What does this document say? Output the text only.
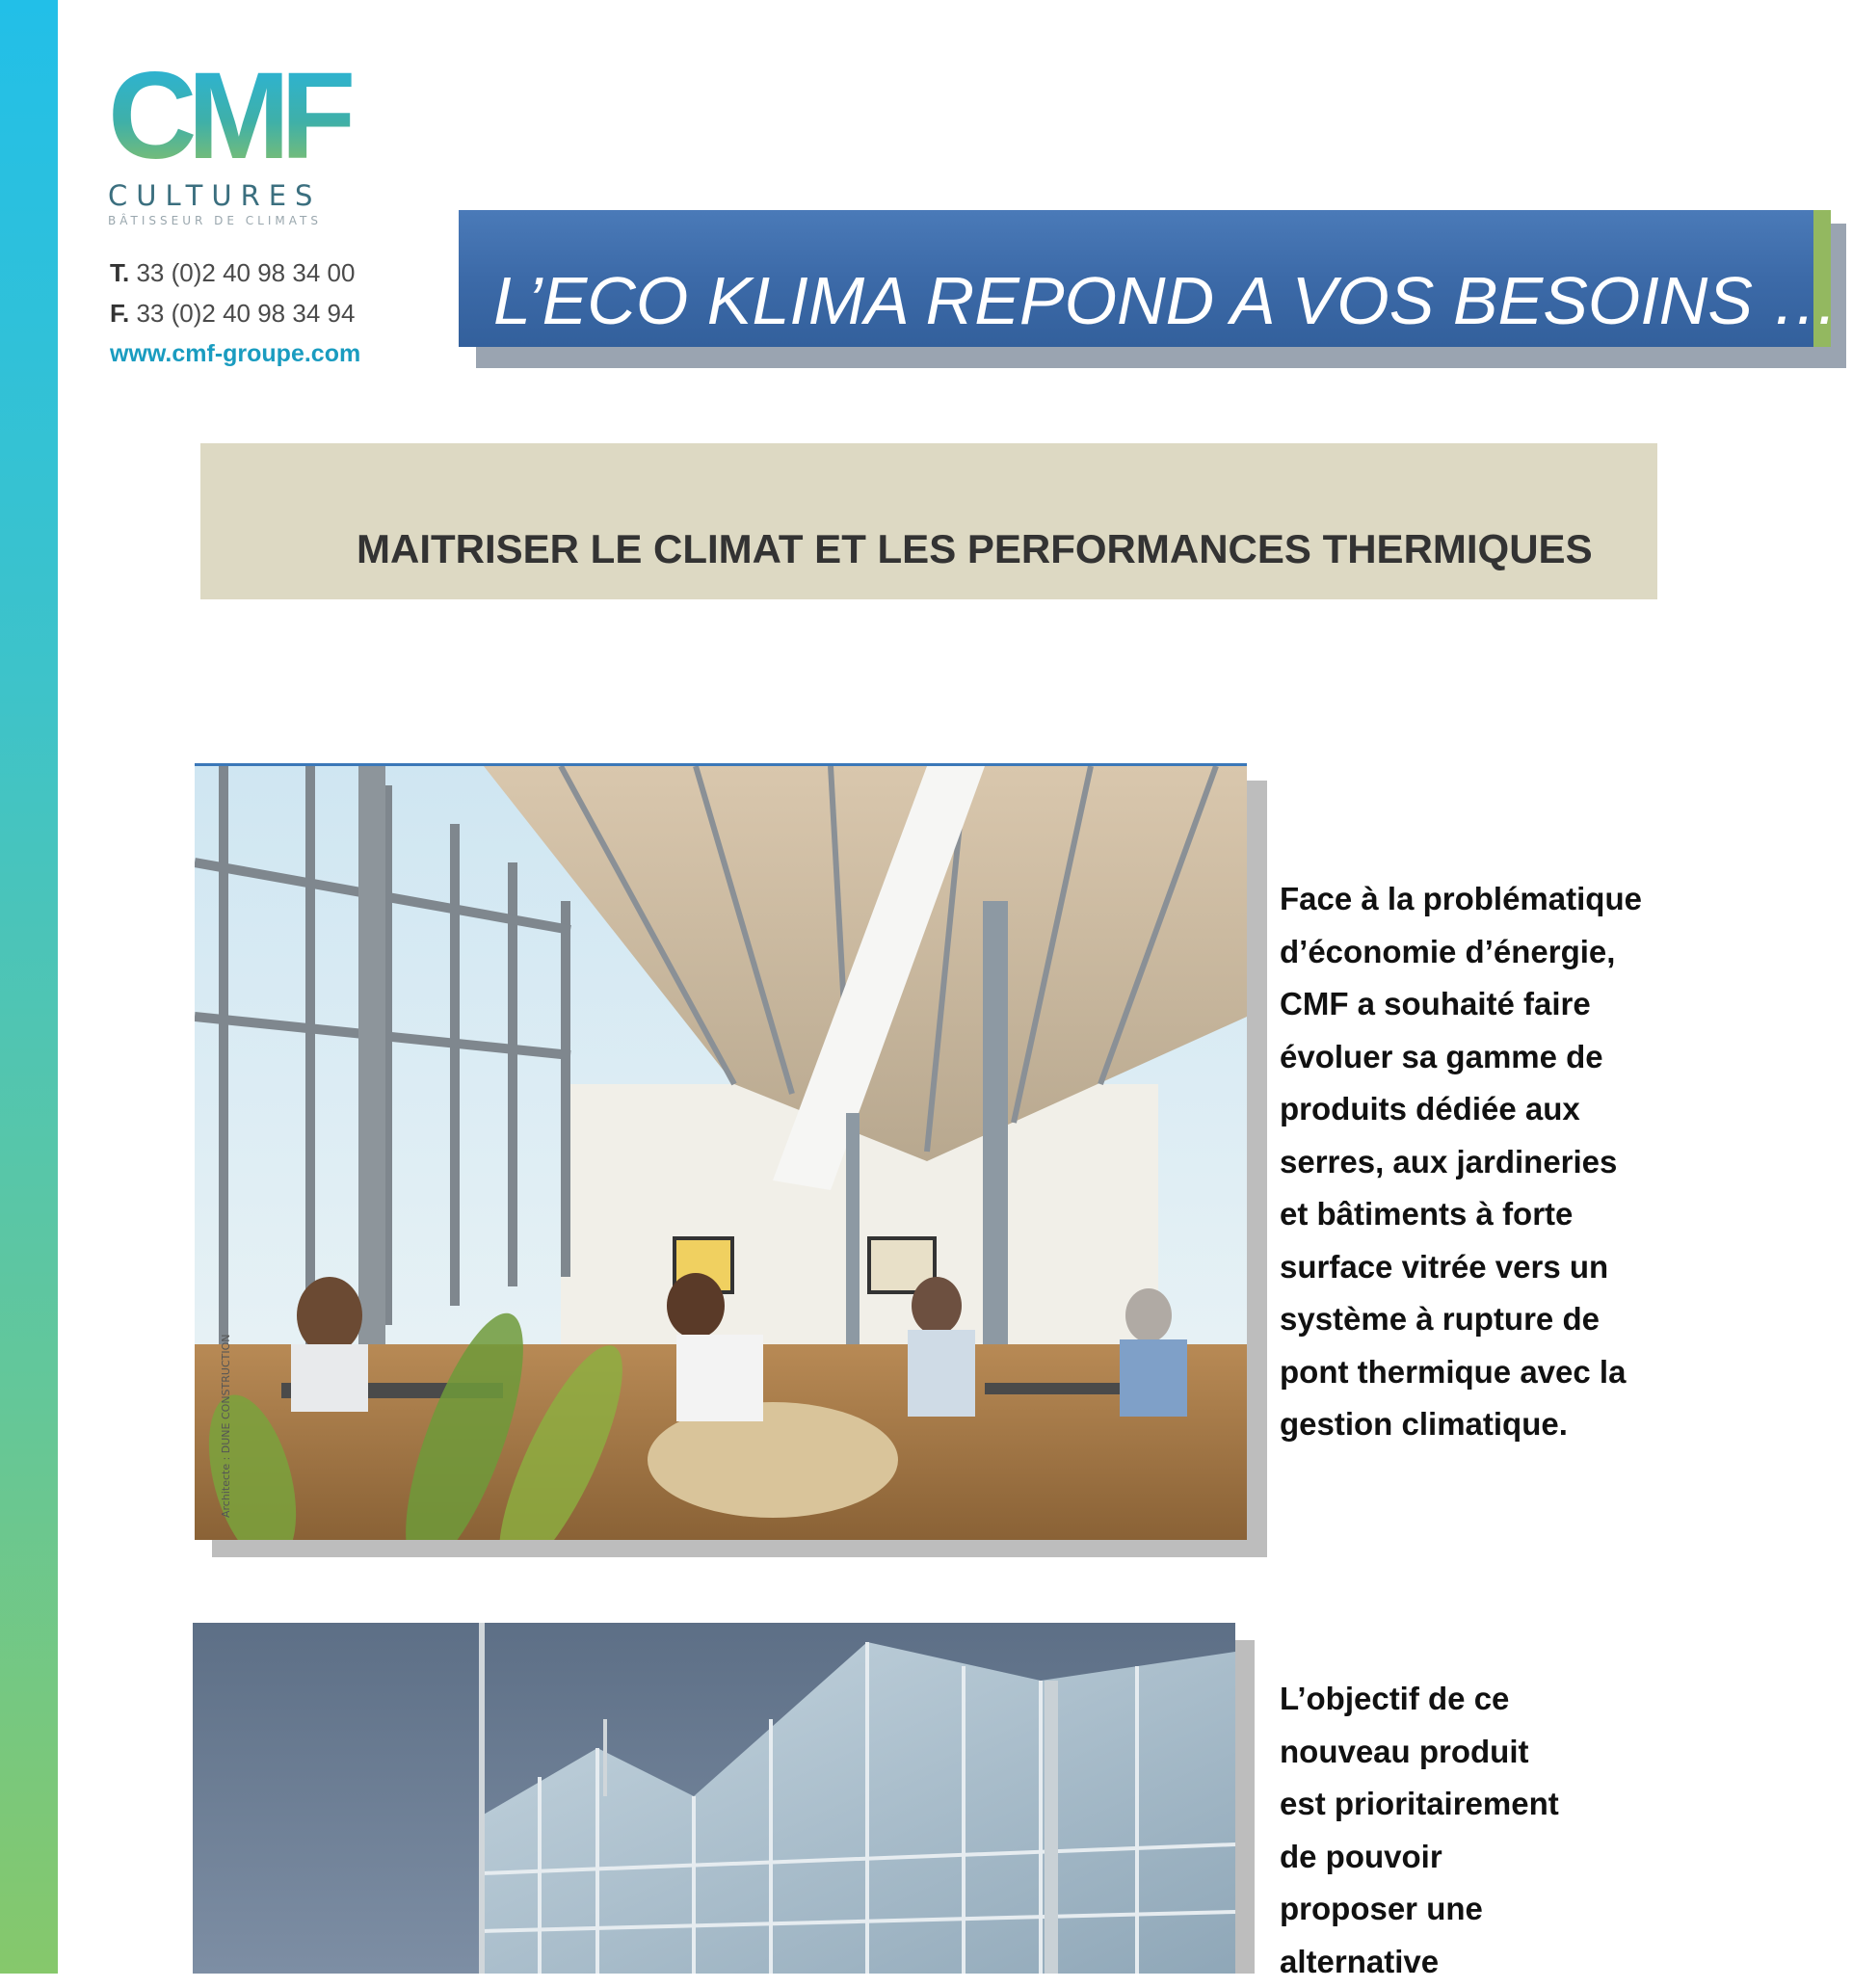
CMF
CULTURES
BÂTISSEUR DE CLIMATS
T. 33 (0)2 40 98 34 00
F. 33 (0)2 40 98 34 94
www.cmf-groupe.com
L’ECO KLIMA REPOND A VOS BESOINS …
MAITRISER LE CLIMAT ET LES PERFORMANCES THERMIQUES
Architecte : DUNE CONSTRUCTION
Face à la problématique
d’économie d’énergie,
CMF a souhaité faire
évoluer sa gamme de
produits dédiée aux
serres, aux jardineries
et bâtiments à forte
surface vitrée vers un
système à rupture de
pont thermique avec la
gestion climatique.
L’objectif de ce
nouveau produit
est prioritairement
de pouvoir
proposer une
alternative
